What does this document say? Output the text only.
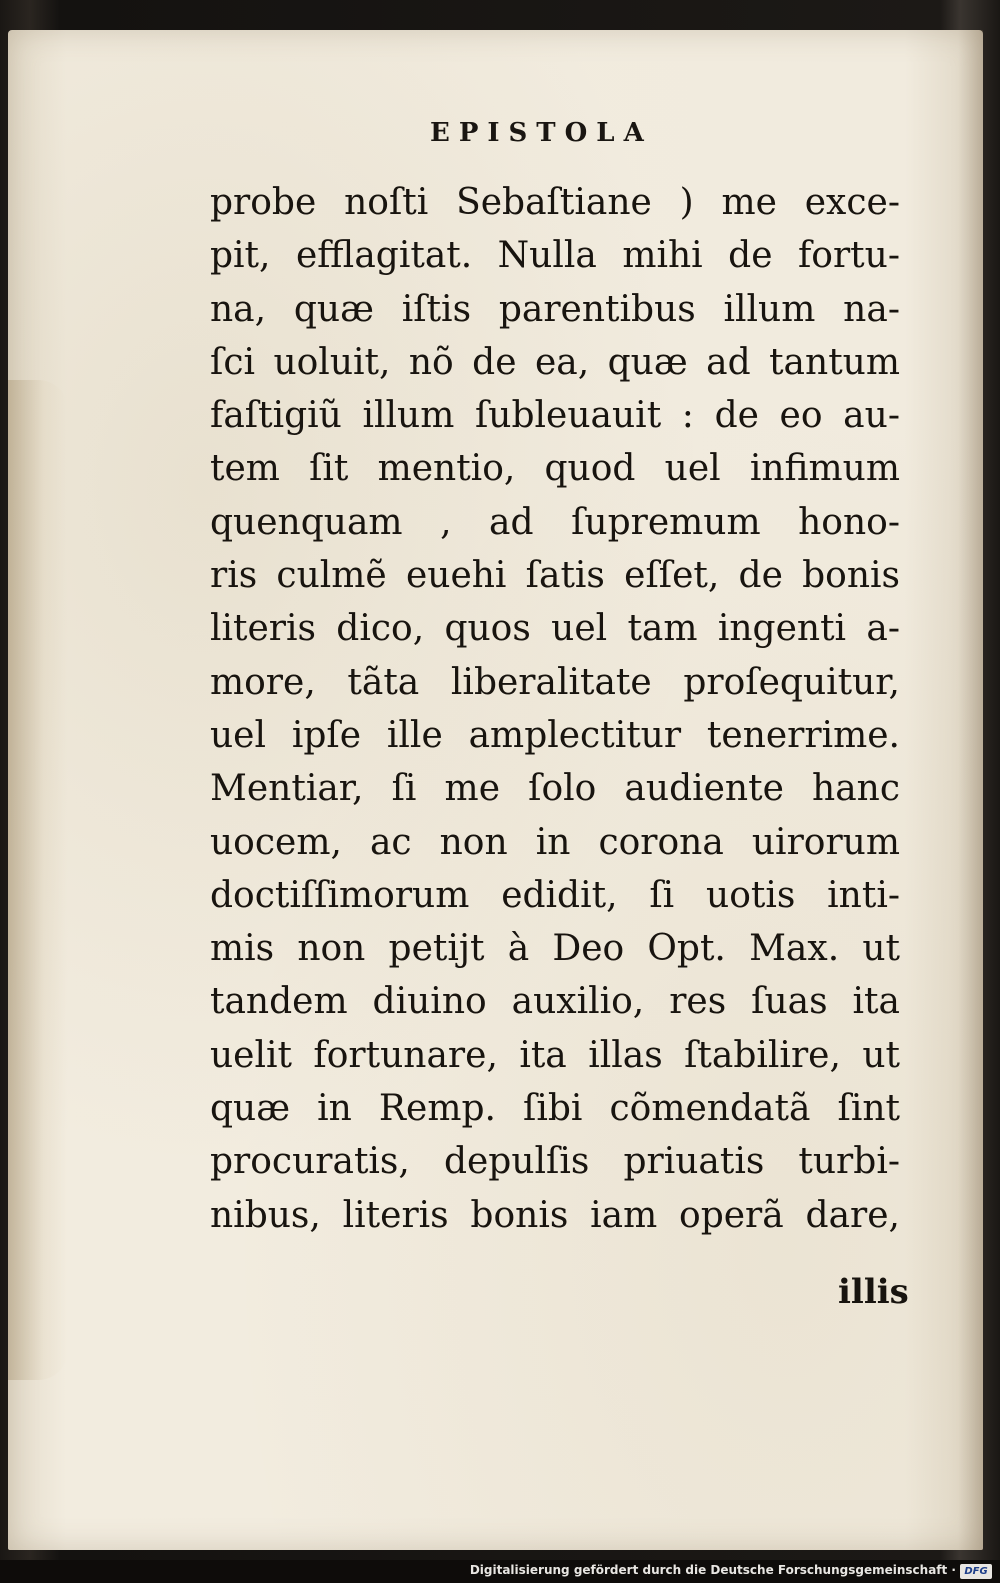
EPISTOLA
probe noſti Sebaſtiane ) me exce-
pit, efflagitat. Nulla mihi de fortu-
na, quæ iſtis parentibus illum na-
ſci uoluit, nõ de ea, quæ ad tantum
faſtigiũ illum ſubleuauit : de eo au-
tem ſit mentio, quod uel infimum
quenquam , ad ſupremum hono-
ris culmẽ euehi ſatis eſſet, de bonis
literis dico, quos uel tam ingenti a-
more, tãta liberalitate proſequitur,
uel ipſe ille amplectitur tenerrime.
Mentiar, ſi me ſolo audiente hanc
uocem, ac non in corona uirorum
doctiſſimorum edidit, ſi uotis inti-
mis non petijt à Deo Opt. Max. ut
tandem diuino auxilio, res ſuas ita
uelit fortunare, ita illas ſtabilire, ut
quæ in Remp. ſibi cõmendatã ſint
procuratis, depulſis priuatis turbi-
nibus, literis bonis iam operã dare,
illis
Digitalisierung gefördert durch die Deutsche Forschungsgemeinschaft · DFG
